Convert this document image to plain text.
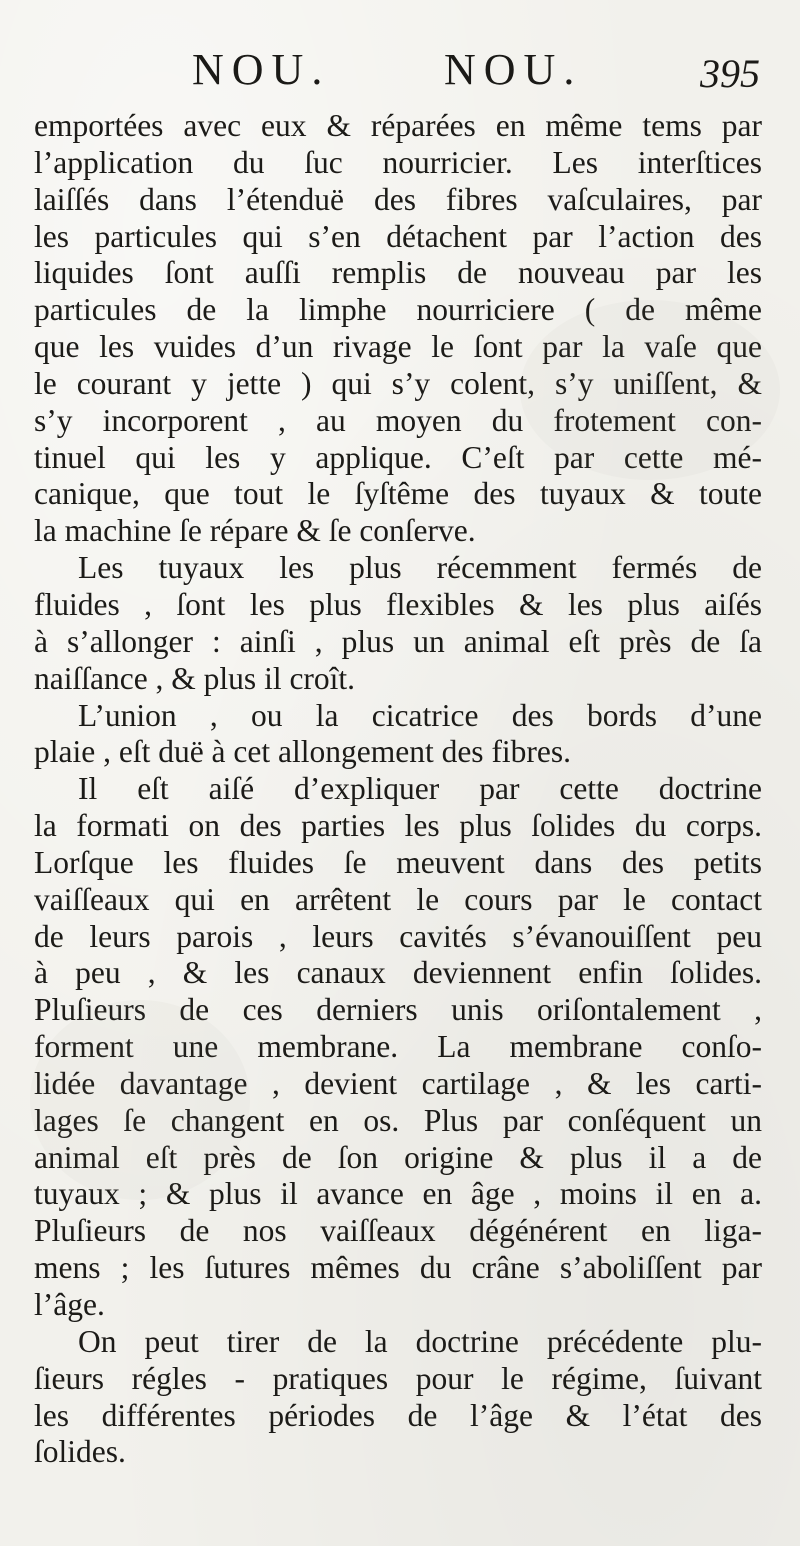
NOU.	NOU.	395

emportées avec eux & réparées en même tems par
l’application du ſuc nourricier. Les interſtices
laiſſés dans l’étenduë des fibres vaſculaires, par
les particules qui s’en détachent par l’action des
liquides ſont auſſi remplis de nouveau par les
particules de la limphe nourriciere ( de même
que les vuides d’un rivage le ſont par la vaſe que
le courant y jette ) qui s’y colent, s’y uniſſent, &
s’y incorporent , au moyen du frotement con-
tinuel qui les y applique. C’eſt par cette mé-
canique, que tout le ſyſtême des tuyaux & toute
la machine ſe répare & ſe conſerve.

Les tuyaux les plus récemment fermés de
fluides , ſont les plus flexibles & les plus aiſés
à s’allonger : ainſi , plus un animal eſt près de ſa
naiſſance , & plus il croît.

L’union , ou la cicatrice des bords d’une
plaie , eſt duë à cet allongement des fibres.

Il eſt aiſé d’expliquer par cette doctrine
la formati on des parties les plus ſolides du corps.
Lorſque les fluides ſe meuvent dans des petits
vaiſſeaux qui en arrêtent le cours par le contact
de leurs parois , leurs cavités s’évanouiſſent peu
à peu , & les canaux deviennent enfin ſolides.
Pluſieurs de ces derniers unis oriſontalement ,
forment une membrane. La membrane conſo-
lidée davantage , devient cartilage , & les carti-
lages ſe changent en os. Plus par conſéquent un
animal eſt près de ſon origine & plus il a de
tuyaux ; & plus il avance en âge , moins il en a.
Pluſieurs de nos vaiſſeaux dégénérent en liga-
mens ; les ſutures mêmes du crâne s’aboliſſent par
l’âge.

On peut tirer de la doctrine précédente plu-
ſieurs régles - pratiques pour le régime, ſuivant
les différentes périodes de l’âge & l’état des
ſolides.
